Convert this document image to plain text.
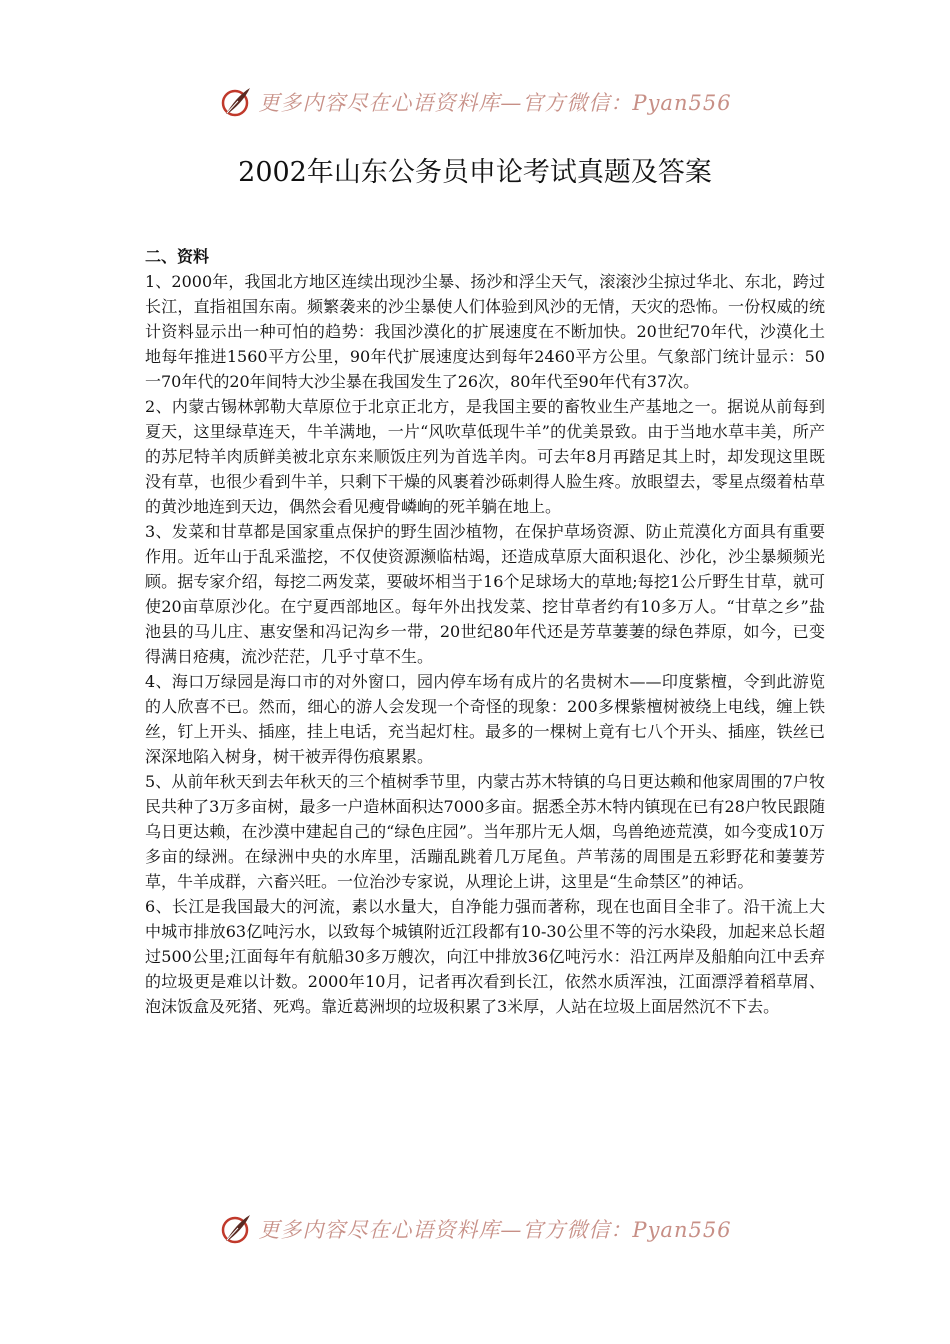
更多内容尽在心语资料库—官方微信：Pyan556
2002年山东公务员申论考试真题及答案
二、资料

1、2000年，我国北方地区连续出现沙尘暴、扬沙和浮尘天气，滚滚沙尘掠过华北、东北，跨过长江，直指祖国东南。频繁袭来的沙尘暴使人们体验到风沙的无情，天灾的恐怖。一份权威的统计资料显示出一种可怕的趋势：我国沙漠化的扩展速度在不断加快。20世纪70年代，沙漠化土地每年推进1560平方公里，90年代扩展速度达到每年2460平方公里。气象部门统计显示：50一70年代的20年间特大沙尘暴在我国发生了26次，80年代至90年代有37次。

2、内蒙古锡林郭勒大草原位于北京正北方，是我国主要的畜牧业生产基地之一。据说从前每到夏天，这里绿草连天，牛羊满地，一片“风吹草低现牛羊”的优美景致。由于当地水草丰美，所产的苏尼特羊肉质鲜美被北京东来顺饭庄列为首选羊肉。可去年8月再踏足其上时，却发现这里既没有草，也很少看到牛羊，只剩下干燥的风裹着沙砾刺得人脸生疼。放眼望去，零星点缀着枯草的黄沙地连到天边，偶然会看见瘦骨嶙峋的死羊躺在地上。

3、发菜和甘草都是国家重点保护的野生固沙植物，在保护草场资源、防止荒漠化方面具有重要作用。近年山于乱采滥挖，不仅使资源濒临枯竭，还造成草原大面积退化、沙化，沙尘暴频频光顾。据专家介绍，每挖二两发菜，要破坏相当于16个足球场大的草地;每挖1公斤野生甘草，就可使20亩草原沙化。在宁夏西部地区。每年外出找发菜、挖甘草者约有10多万人。“甘草之乡”盐池县的马儿庄、惠安堡和冯记沟乡一带，20世纪80年代还是芳草萋萋的绿色莽原，如今，已变得满日疮痍，流沙茫茫，几乎寸草不生。

4、海口万绿园是海口市的对外窗口，园内停车场有成片的名贵树木——印度紫檀，令到此游览的人欣喜不已。然而，细心的游人会发现一个奇怪的现象：200多棵紫檀树被绕上电线，缠上铁丝，钉上开头、插座，挂上电话，充当起灯柱。最多的一棵树上竟有七八个开头、插座，铁丝已深深地陷入树身，树干被弄得伤痕累累。

5、从前年秋天到去年秋天的三个植树季节里，内蒙古苏木特镇的乌日更达赖和他家周围的7户牧民共种了3万多亩树，最多一户造林面积达7000多亩。据悉全苏木特内镇现在已有28户牧民跟随乌日更达赖，在沙漠中建起自己的“绿色庄园”。当年那片无人烟，鸟兽绝迹荒漠，如今变成10万多亩的绿洲。在绿洲中央的水库里，活蹦乱跳着几万尾鱼。芦苇荡的周围是五彩野花和萋萋芳草，牛羊成群，六畜兴旺。一位治沙专家说，从理论上讲，这里是“生命禁区”的神话。

6、长江是我国最大的河流，素以水量大，自净能力强而著称，现在也面目全非了。沿干流上大中城市排放63亿吨污水，以致每个城镇附近江段都有10-30公里不等的污水染段，加起来总长超过500公里;江面每年有航船30多万艘次，向江中排放36亿吨污水：沿江两岸及船舶向江中丢弃的垃圾更是难以计数。2000年10月，记者再次看到长江，依然水质浑浊，江面漂浮着稻草屑、泡沫饭盒及死猪、死鸡。靠近葛洲坝的垃圾积累了3米厚，人站在垃圾上面居然沉不下去。

更多内容尽在心语资料库—官方微信：Pyan556
